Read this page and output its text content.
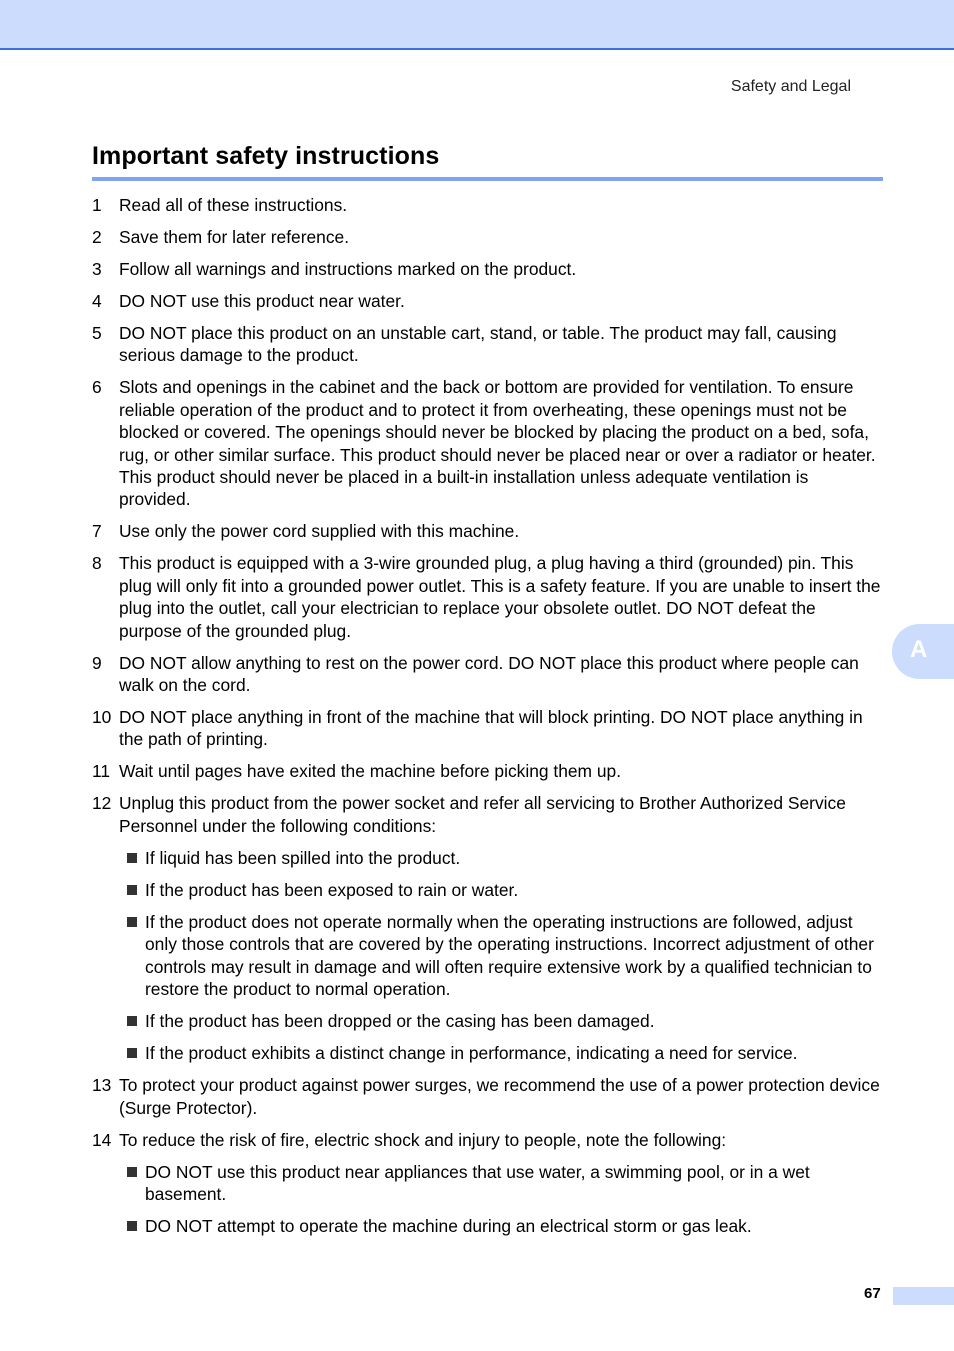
Safety and Legal
Important safety instructions
1 Read all of these instructions.
2 Save them for later reference.
3 Follow all warnings and instructions marked on the product.
4 DO NOT use this product near water.
5 DO NOT place this product on an unstable cart, stand, or table. The product may fall, causing serious damage to the product.
6 Slots and openings in the cabinet and the back or bottom are provided for ventilation. To ensure reliable operation of the product and to protect it from overheating, these openings must not be blocked or covered. The openings should never be blocked by placing the product on a bed, sofa, rug, or other similar surface. This product should never be placed near or over a radiator or heater. This product should never be placed in a built-in installation unless adequate ventilation is provided.
7 Use only the power cord supplied with this machine.
8 This product is equipped with a 3-wire grounded plug, a plug having a third (grounded) pin. This plug will only fit into a grounded power outlet. This is a safety feature. If you are unable to insert the plug into the outlet, call your electrician to replace your obsolete outlet. DO NOT defeat the purpose of the grounded plug.
9 DO NOT allow anything to rest on the power cord. DO NOT place this product where people can walk on the cord.
10 DO NOT place anything in front of the machine that will block printing. DO NOT place anything in the path of printing.
11 Wait until pages have exited the machine before picking them up.
12 Unplug this product from the power socket and refer all servicing to Brother Authorized Service Personnel under the following conditions:
If liquid has been spilled into the product.
If the product has been exposed to rain or water.
If the product does not operate normally when the operating instructions are followed, adjust only those controls that are covered by the operating instructions. Incorrect adjustment of other controls may result in damage and will often require extensive work by a qualified technician to restore the product to normal operation.
If the product has been dropped or the casing has been damaged.
If the product exhibits a distinct change in performance, indicating a need for service.
13 To protect your product against power surges, we recommend the use of a power protection device (Surge Protector).
14 To reduce the risk of fire, electric shock and injury to people, note the following:
DO NOT use this product near appliances that use water, a swimming pool, or in a wet basement.
DO NOT attempt to operate the machine during an electrical storm or gas leak.
A
67
